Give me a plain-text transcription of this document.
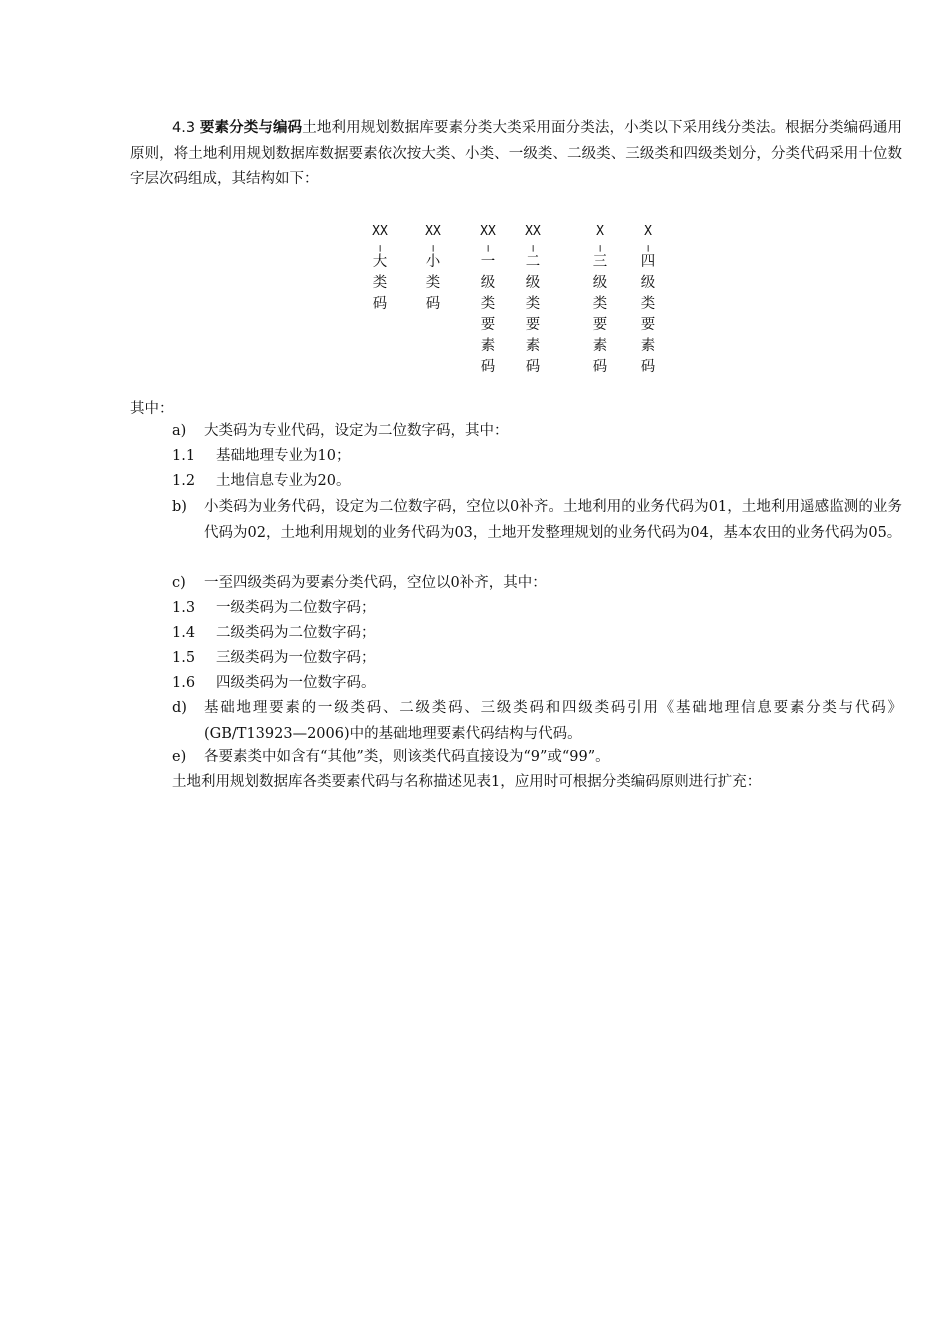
4.3 要素分类与编码土地利用规划数据库要素分类大类采用面分类法，小类以下采用线分类法。根据分类编码通用原则，将土地利用规划数据库数据要素依次按大类、小类、一级类、二级类、三级类和四级类划分，分类代码采用十位数字层次码组成，其结构如下：

XX
╷
大
类
码
XX
╷
小
类
码
XX
╷
一
级
类
要
素
码
XX
╷
二
级
类
要
素
码
X
╷
三
级
类
要
素
码
X
╷
四
级
类
要
素
码

其中：

a)	大类码为专业代码，设定为二位数字码，其中：
1.1 基础地理专业为10；
1.2 土地信息专业为20。
b)	小类码为业务代码，设定为二位数字码，空位以0补齐。土地利用的业务代码为01，土地利用遥感监测的业务代码为02，土地利用规划的业务代码为03，土地开发整理规划的业务代码为04，基本农田的业务代码为05。
c)	一至四级类码为要素分类代码，空位以0补齐，其中：
1.3 一级类码为二位数字码；
1.4 二级类码为二位数字码；
1.5 三级类码为一位数字码；
1.6 四级类码为一位数字码。
d)	基础地理要素的一级类码、二级类码、三级类码和四级类码引用《基础地理信息要素分类与代码》(GB/T13923—2006)中的基础地理要素代码结构与代码。
e)	各要素类中如含有“其他”类，则该类代码直接设为“9”或“99”。

土地利用规划数据库各类要素代码与名称描述见表1，应用时可根据分类编码原则进行扩充：
